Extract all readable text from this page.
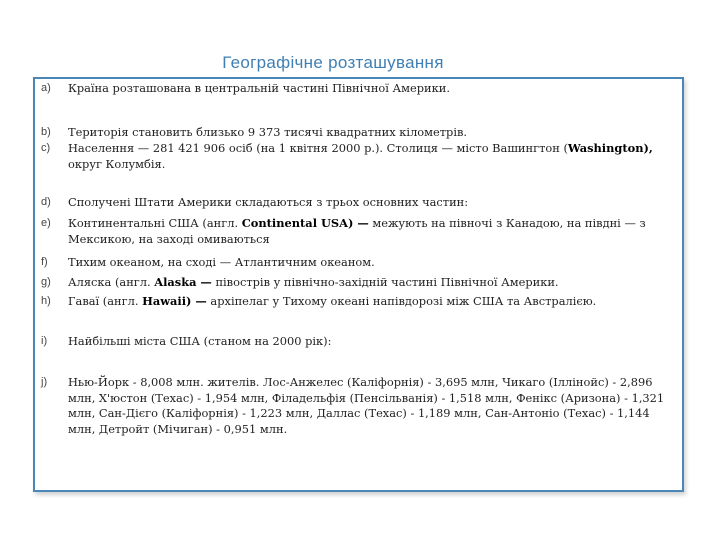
Географічне розташування
a) Країна розташована в центральній частині Північної Америки.
b) Територія становить близько 9 373 тисячі квадратних кілометрів.
c) Населення — 281 421 906 осіб (на 1 квітня 2000 р.). Столиця — місто Вашингтон (Washington), округ Колумбія.
d) Сполучені Штати Америки складаються з трьох основних частин:
e) Континентальні США (англ. Continental USA) — межують на півночі з Канадою, на півдні — з Мексикою, на заході омиваються
f) Тихим океаном, на сході — Атлантичним океаном.
g) Аляска (англ. Alaska — півострів у північно-західній частині Північної Америки.
h) Гаваї (англ. Hawaii) — архіпелаг у Тихому океані напівдорозі між США та Австралією.
i) Найбільші міста США (станом на 2000 рік):
j) Нью-Йорк - 8,008 млн. жителів. Лос-Анжелес (Каліфорнія) - 3,695 млн, Чикаго (Іллінойс) - 2,896 млн, Х'юстон (Техас) - 1,954 млн, Філадельфія (Пенсільванія) - 1,518 млн, Фенікс (Аризона) - 1,321 млн, Сан-Дієго (Каліфорнія) - 1,223 млн, Даллас (Техас) - 1,189 млн, Сан-Антоніо (Техас) - 1,144 млн, Детройт (Мічиган) - 0,951 млн.
